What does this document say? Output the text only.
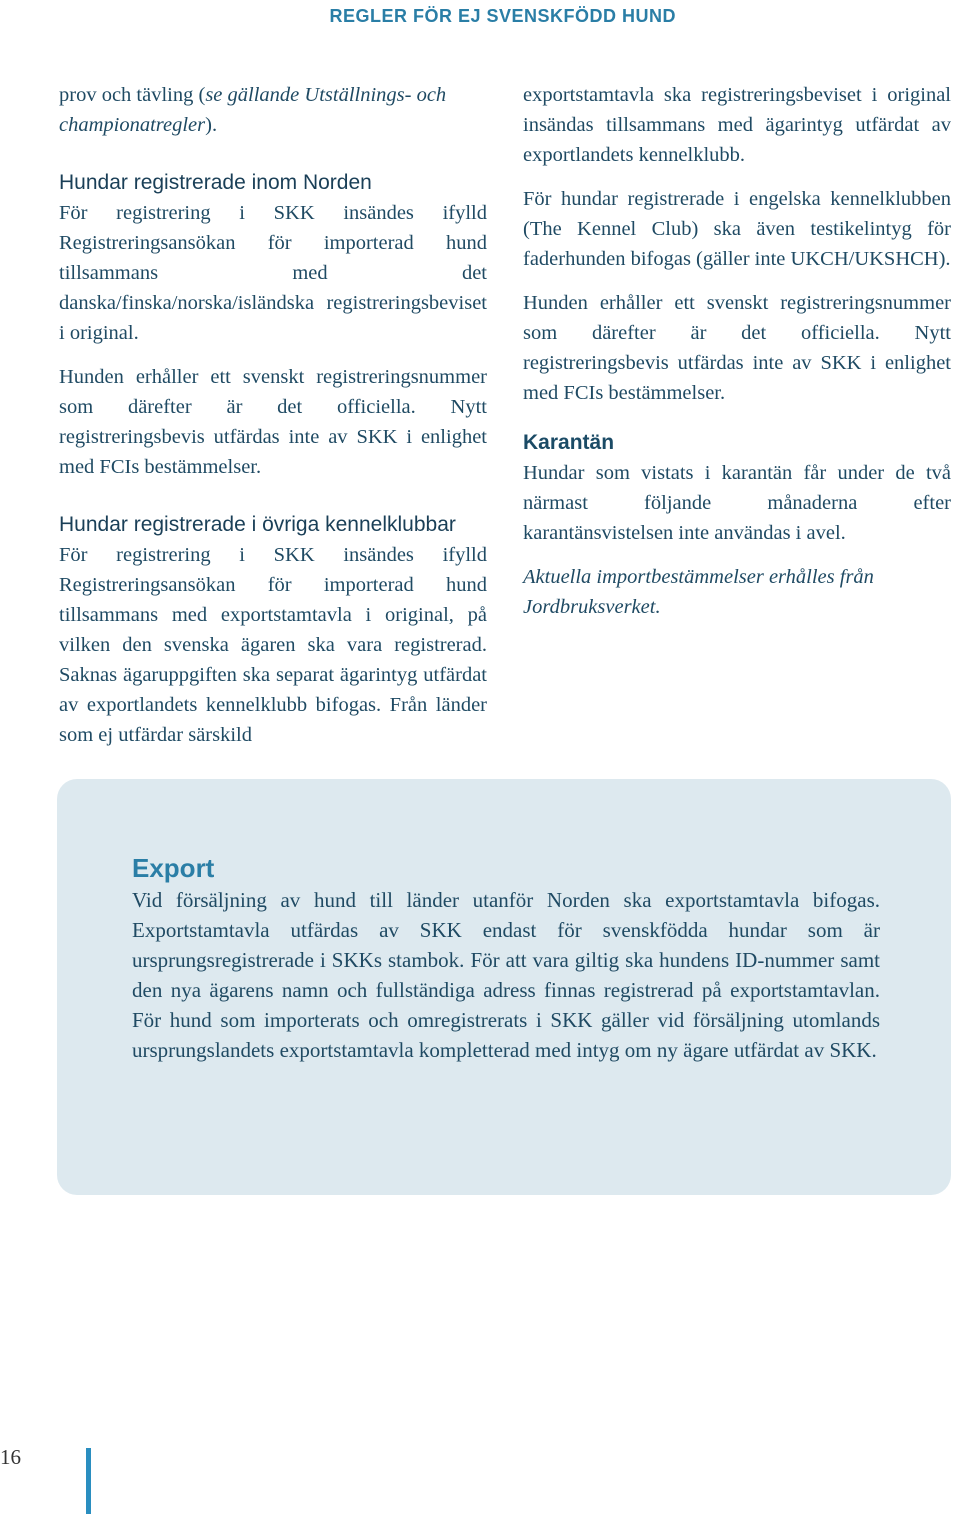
REGLER FÖR EJ SVENSKFÖDD HUND

prov och tävling (se gällande Utställnings- och championatregler).

Hundar registrerade inom Norden

För registrering i SKK insändes ifylld Registreringsansökan för importerad hund tillsammans med det danska/finska/norska/isländska registreringsbeviset i original.

Hunden erhåller ett svenskt registreringsnummer som därefter är det officiella. Nytt registreringsbevis utfärdas inte av SKK i enlighet med FCIs bestämmelser.

Hundar registrerade i övriga kennelklubbar

För registrering i SKK insändes ifylld Registreringsansökan för importerad hund tillsammans med exportstamtavla i original, på vilken den svenska ägaren ska vara registrerad. Saknas ägaruppgiften ska separat ägarintyg utfärdat av exportlandets kennelklubb bifogas. Från länder som ej utfärdar särskild

exportstamtavla ska registreringsbeviset i original insändas tillsammans med ägarintyg utfärdat av exportlandets kennelklubb.

För hundar registrerade i engelska kennelklubben (The Kennel Club) ska även testikelintyg för faderhunden bifogas (gäller inte UKCH/UKSHCH).

Hunden erhåller ett svenskt registreringsnummer som därefter är det officiella. Nytt registreringsbevis utfärdas inte av SKK i enlighet med FCIs bestämmelser.

Karantän

Hundar som vistats i karantän får under de två närmast följande månaderna efter karantänsvistelsen inte användas i avel.

Aktuella importbestämmelser erhålles från Jordbruksverket.

Export

Vid försäljning av hund till länder utanför Norden ska exportstamtavla bifogas. Exportstamtavla utfärdas av SKK endast för svenskfödda hundar som är ursprungsregistrerade i SKKs stambok. För att vara giltig ska hundens ID-nummer samt den nya ägarens namn och fullständiga adress finnas registrerad på exportstamtavlan. För hund som importerats och omregistrerats i SKK gäller vid försäljning utomlands ursprungslandets exportstamtavla kompletterad med intyg om ny ägare utfärdat av SKK.

16
